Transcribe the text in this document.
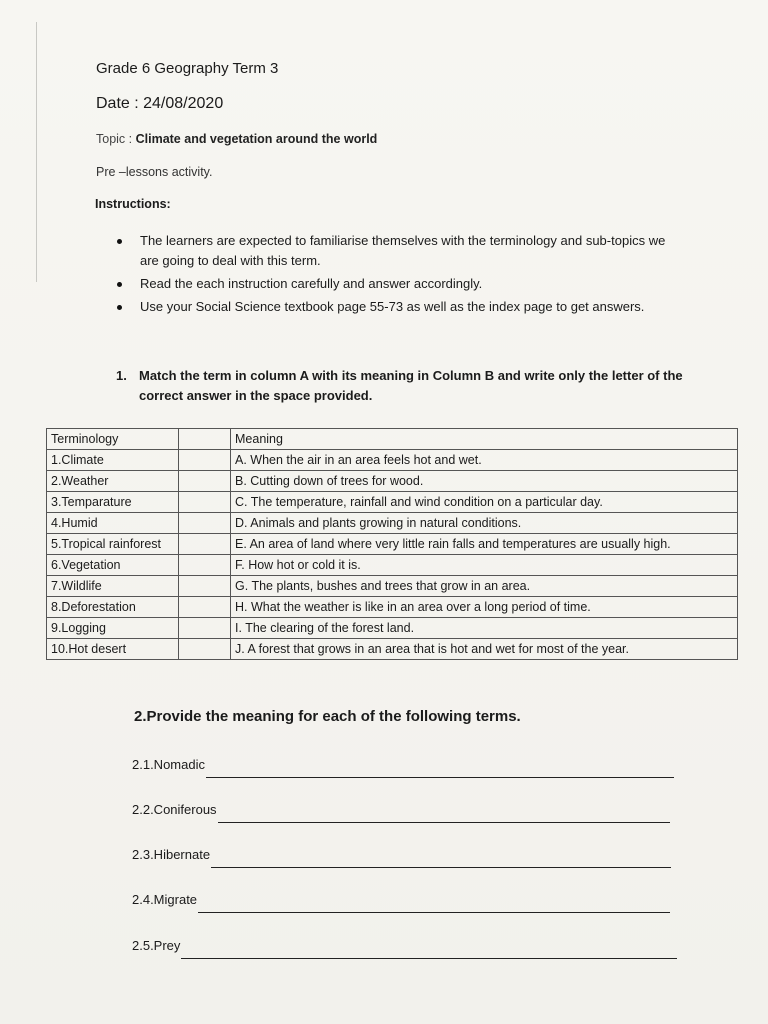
Grade 6 Geography Term 3
Date : 24/08/2020
Topic : Climate and vegetation around the world
Pre –lessons activity.
Instructions:
The learners are expected to familiarise themselves with the terminology and sub-topics we are going to deal with this term.
Read the each instruction carefully and answer accordingly.
Use your Social Science textbook page 55-73 as well as the index page to get answers.
1. Match the term in column A with its meaning in Column B and write only the letter of the correct answer in the space provided.
Terminology		Meaning
1.Climate		A. When the air in an area feels hot and wet.
2.Weather		B. Cutting down of trees for wood.
3.Temparature		C. The temperature, rainfall and wind condition on a particular day.
4.Humid		D. Animals and plants growing in natural conditions.
5.Tropical rainforest		E. An area of land where very little rain falls and temperatures are usually high.
6.Vegetation		F. How hot or cold it is.
7.Wildlife		G. The plants, bushes and trees that grow in an area.
8.Deforestation		H. What the weather is like in an area over a long period of time.
9.Logging		I. The clearing of the forest land.
10.Hot desert		J. A forest that grows in an area that is hot and wet for most of the year.
2.Provide the meaning for each of the following terms.
2.1.Nomadic
2.2.Coniferous
2.3.Hibernate
2.4.Migrate
2.5.Prey
